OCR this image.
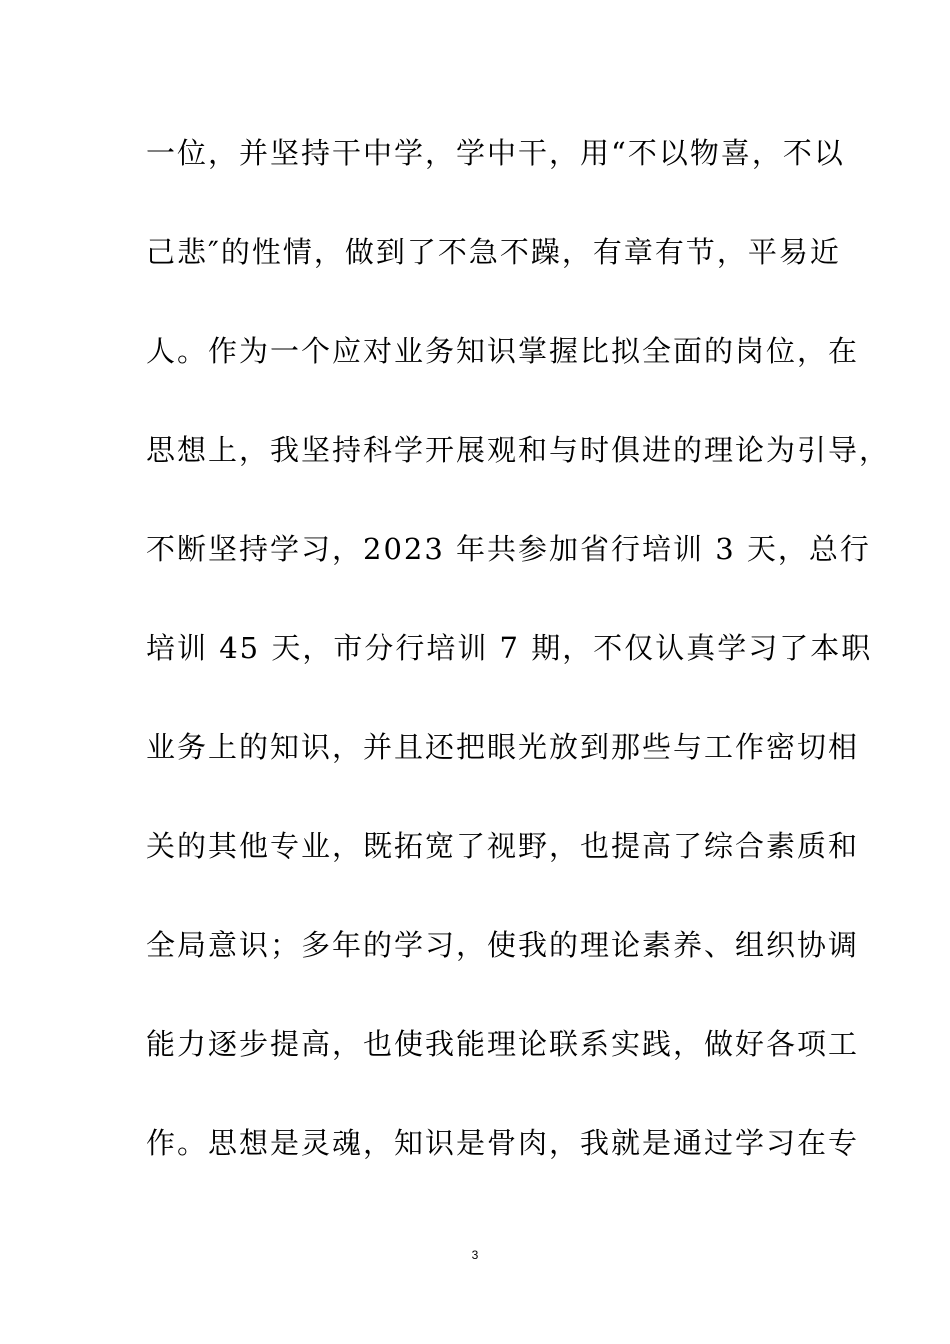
一位，并坚持干中学，学中干，用“不以物喜，不以
己悲″的性情，做到了不急不躁，有章有节，平易近
人。作为一个应对业务知识掌握比拟全面的岗位，在
思想上，我坚持科学开展观和与时俱进的理论为引导，
不断坚持学习，2023 年共参加省行培训 3 天，总行
培训 45 天，市分行培训 7 期，不仅认真学习了本职
业务上的知识，并且还把眼光放到那些与工作密切相
关的其他专业，既拓宽了视野，也提高了综合素质和
全局意识；多年的学习，使我的理论素养、组织协调
能力逐步提高，也使我能理论联系实践，做好各项工
作。思想是灵魂，知识是骨肉，我就是通过学习在专
3
